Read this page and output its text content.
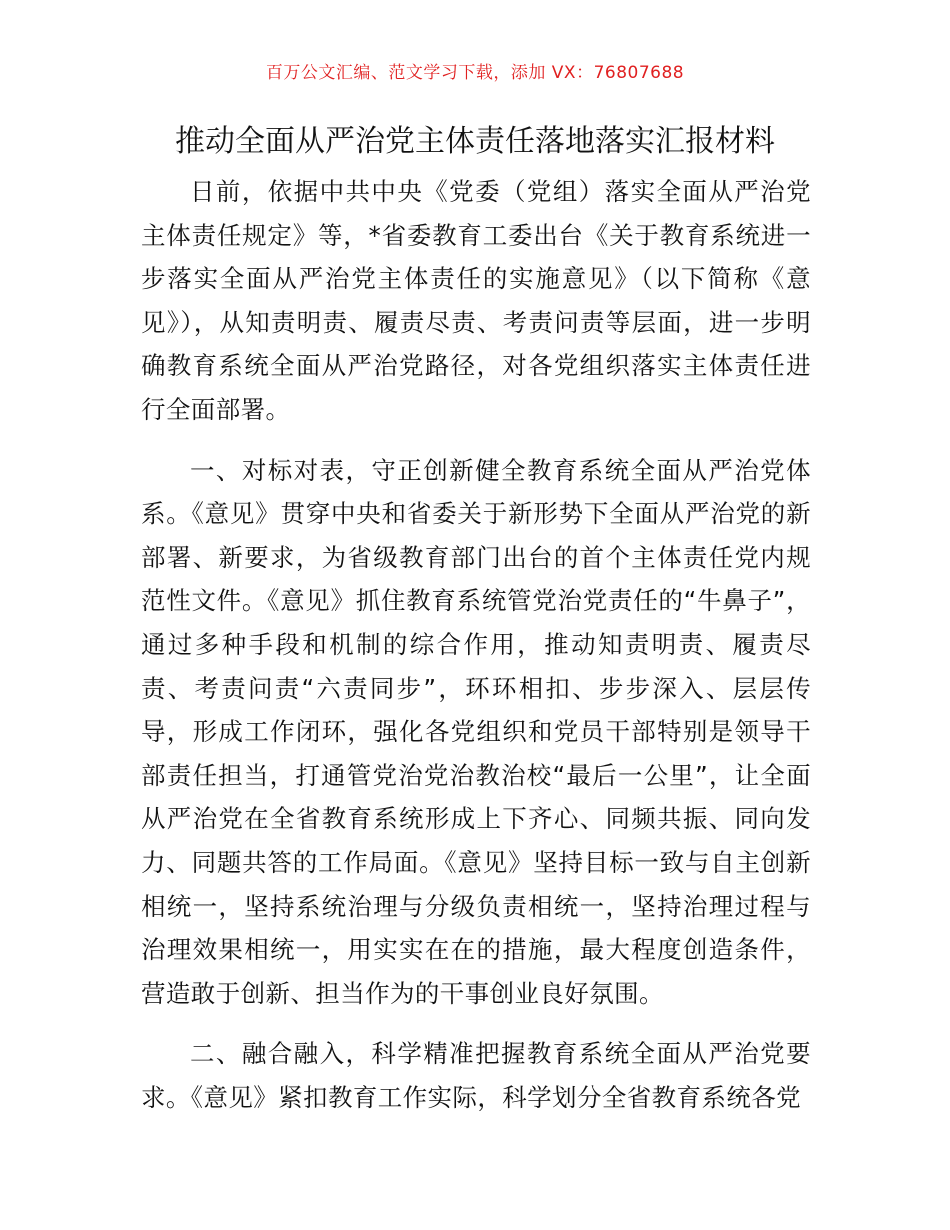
百万公文汇编、范文学习下载，添加 VX：76807688
推动全面从严治党主体责任落地落实汇报材料

日前，依据中共中央《党委（党组）落实全面从严治党主体责任规定》等，*省委教育工委出台《关于教育系统进一步落实全面从严治党主体责任的实施意见》（以下简称《意见》），从知责明责、履责尽责、考责问责等层面，进一步明确教育系统全面从严治党路径，对各党组织落实主体责任进行全面部署。

一、对标对表，守正创新健全教育系统全面从严治党体系。《意见》贯穿中央和省委关于新形势下全面从严治党的新部署、新要求，为省级教育部门出台的首个主体责任党内规范性文件。《意见》抓住教育系统管党治党责任的“牛鼻子”，通过多种手段和机制的综合作用，推动知责明责、履责尽责、考责问责“六责同步”，环环相扣、步步深入、层层传导，形成工作闭环，强化各党组织和党员干部特别是领导干部责任担当，打通管党治党治教治校“最后一公里”，让全面从严治党在全省教育系统形成上下齐心、同频共振、同向发力、同题共答的工作局面。《意见》坚持目标一致与自主创新相统一，坚持系统治理与分级负责相统一，坚持治理过程与治理效果相统一，用实实在在的措施，最大程度创造条件，营造敢于创新、担当作为的干事创业良好氛围。

二、融合融入，科学精准把握教育系统全面从严治党要求。《意见》紧扣教育工作实际，科学划分全省教育系统各党
